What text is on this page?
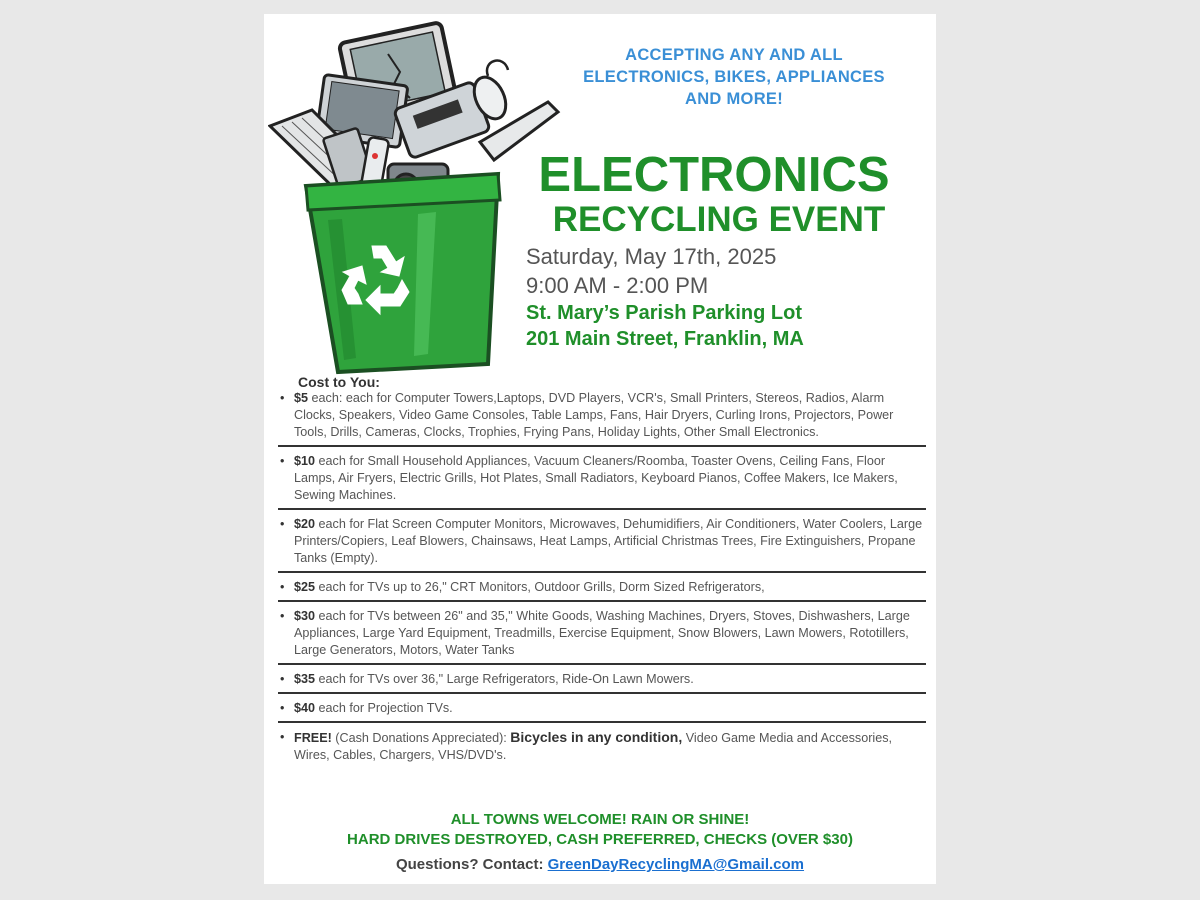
ACCEPTING ANY AND ALL
ELECTRONICS, BIKES, APPLIANCES
AND MORE!
ELECTRONICS
RECYCLING EVENT
Saturday, May 17th, 2025
9:00 AM - 2:00 PM
St. Mary’s Parish Parking Lot
201 Main Street, Franklin, MA
Cost to You:
• $5 each: each for Computer Towers,Laptops, DVD Players, VCR's, Small Printers, Stereos, Radios, Alarm Clocks, Speakers, Video Game Consoles, Table Lamps, Fans, Hair Dryers, Curling Irons, Projectors, Power Tools, Drills, Cameras, Clocks, Trophies, Frying Pans, Holiday Lights, Other Small Electronics.
• $10 each for Small Household Appliances, Vacuum Cleaners/Roomba, Toaster Ovens, Ceiling Fans, Floor Lamps, Air Fryers, Electric Grills, Hot Plates, Small Radiators, Keyboard Pianos, Coffee Makers, Ice Makers, Sewing Machines.
• $20 each for Flat Screen Computer Monitors, Microwaves, Dehumidifiers, Air Conditioners, Water Coolers, Large Printers/Copiers, Leaf Blowers, Chainsaws, Heat Lamps, Artificial Christmas Trees, Fire Extinguishers, Propane Tanks (Empty).
• $25 each for TVs up to 26," CRT Monitors, Outdoor Grills, Dorm Sized Refrigerators,
• $30 each for TVs between 26" and 35," White Goods, Washing Machines, Dryers, Stoves, Dishwashers, Large Appliances, Large Yard Equipment, Treadmills, Exercise Equipment, Snow Blowers, Lawn Mowers, Rototillers, Large Generators, Motors, Water Tanks
• $35 each for TVs over 36," Large Refrigerators, Ride-On Lawn Mowers.
• $40 each for Projection TVs.
• FREE! (Cash Donations Appreciated): Bicycles in any condition, Video Game Media and Accessories, Wires, Cables, Chargers, VHS/DVD's.
ALL TOWNS WELCOME! RAIN OR SHINE!
HARD DRIVES DESTROYED, CASH PREFERRED, CHECKS (OVER $30)
Questions? Contact: GreenDayRecyclingMA@Gmail.com
